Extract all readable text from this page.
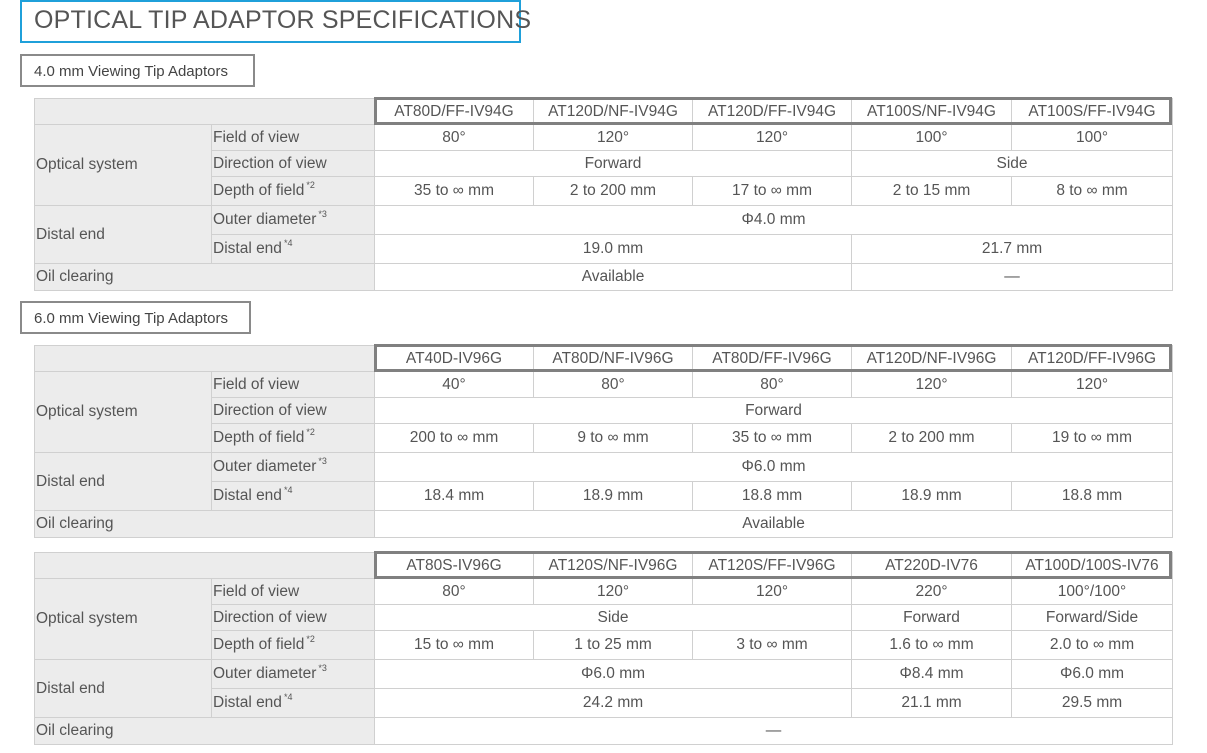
OPTICAL TIP ADAPTOR SPECIFICATIONS
4.0 mm Viewing Tip Adaptors
		AT80D/FF-IV94G	AT120D/NF-IV94G	AT120D/FF-IV94G	AT100S/NF-IV94G	AT100S/FF-IV94G
Optical system	Field of view	80°	120°	120°	100°	100°
	Direction of view	Forward			Side	
	Depth of field $^{*2}$	35 to ∞ mm	2 to 200 mm	17 to ∞ mm	2 to 15 mm	8 to ∞ mm
Distal end	Outer diameter $^{*3}$	Φ4.0 mm				
	Distal end $^{*4}$	19.0 mm			21.7 mm	
Oil clearing		Available			—	
6.0 mm Viewing Tip Adaptors
		AT40D-IV96G	AT80D/NF-IV96G	AT80D/FF-IV96G	AT120D/NF-IV96G	AT120D/FF-IV96G
Optical system	Field of view	40°	80°	80°	120°	120°
	Direction of view	Forward				
	Depth of field $^{*2}$	200 to ∞ mm	9 to ∞ mm	35 to ∞ mm	2 to 200 mm	19 to ∞ mm
Distal end	Outer diameter $^{*3}$	Φ6.0 mm				
	Distal end $^{*4}$	18.4 mm	18.9 mm	18.8 mm	18.9 mm	18.8 mm
Oil clearing		Available				
		AT80S-IV96G	AT120S/NF-IV96G	AT120S/FF-IV96G	AT220D-IV76	AT100D/100S-IV76
Optical system	Field of view	80°	120°	120°	220°	100°/100°
	Direction of view	Side			Forward	Forward/Side
	Depth of field $^{*2}$	15 to ∞ mm	1 to 25 mm	3 to ∞ mm	1.6 to ∞ mm	2.0 to ∞ mm
Distal end	Outer diameter $^{*3}$	Φ6.0 mm			Φ8.4 mm	Φ6.0 mm
	Distal end $^{*4}$	24.2 mm			21.1 mm	29.5 mm
Oil clearing		—				
